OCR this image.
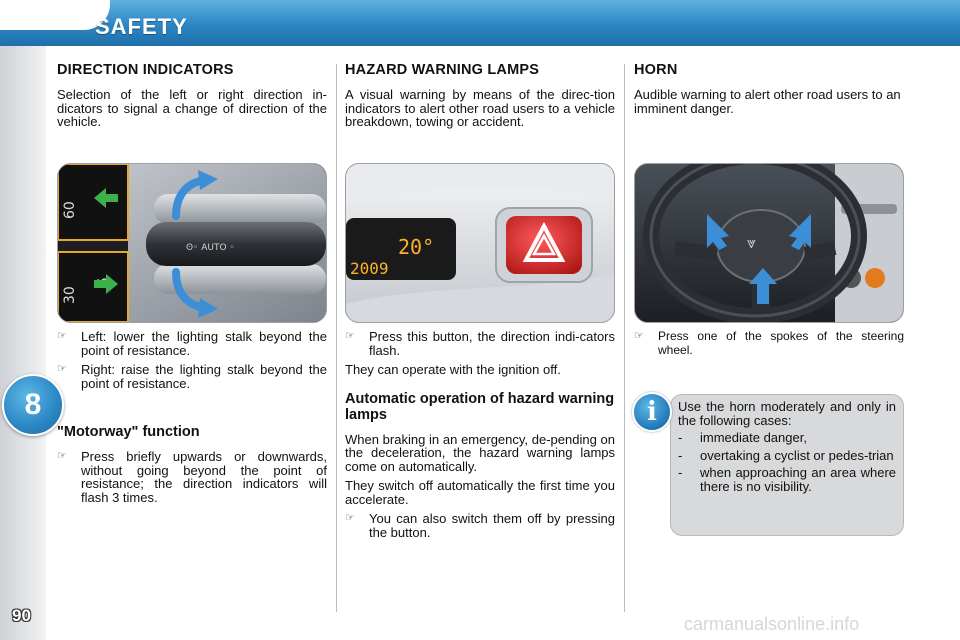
SAFETY
8
90
DIRECTION INDICATORS

Selection of the left or right direction in-dicators to signal a change of direction of the vehicle.

60
30
ʘ◦ AUTO ◦
☞ Left: lower the lighting stalk beyond the point of resistance.
☞ Right: raise the lighting stalk beyond the point of resistance.
"Motorway" function
☞ Press briefly upwards or downwards, without going beyond the point of resistance; the direction indicators will flash 3 times.
HAZARD WARNING LAMPS

A visual warning by means of the direc-tion indicators to alert other road users to a vehicle breakdown, towing or accident.

20°
2009
☞ Press this button, the direction indi-cators flash.

They can operate with the ignition off.

Automatic operation of hazard warning lamps

When braking in an emergency, de-pending on the deceleration, the hazard warning lamps come on automatically.

They switch off automatically the first time you accelerate.

☞ You can also switch them off by pressing the button.
HORN

Audible warning to alert other road users to an imminent danger.

⩔
☞ Press one of the spokes of the steering wheel.
i	Use the horn moderately and only in the following cases:
- immediate danger,
- overtaking a cyclist or pedes-trian
- when approaching an area where there is no visibility.
carmanualsonline.info
